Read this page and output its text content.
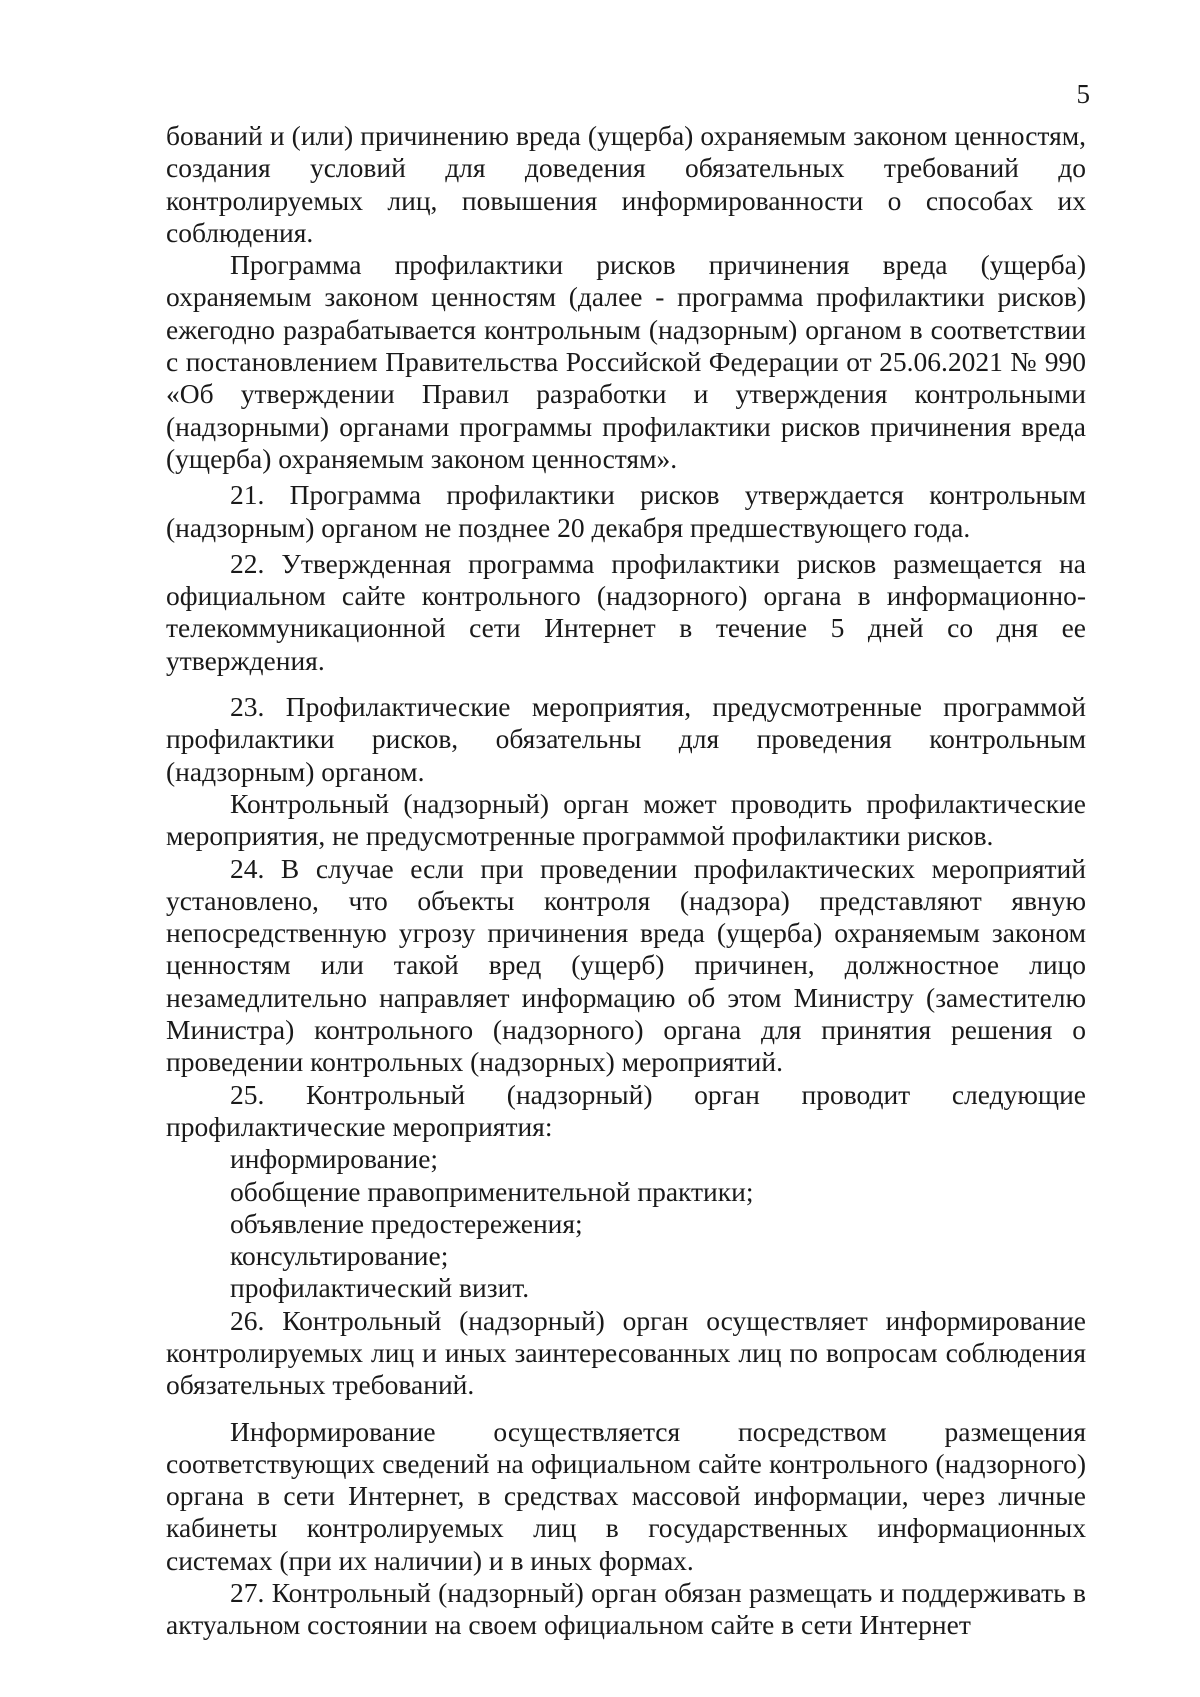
5

бований и (или) причинению вреда (ущерба) охраняемым законом ценностям, создания условий для доведения обязательных требований до контролируемых лиц, повышения информированности о способах их соблюдения.

Программа профилактики рисков причинения вреда (ущерба) охраняемым законом ценностям (далее - программа профилактики рисков) ежегодно разрабатывается контрольным (надзорным) органом в соответствии с постановлением Правительства Российской Федерации от 25.06.2021 № 990 «Об утверждении Правил разработки и утверждения контрольными (надзорными) органами программы профилактики рисков причинения вреда (ущерба) охраняемым законом ценностям».

21. Программа профилактики рисков утверждается контрольным (надзорным) органом не позднее 20 декабря предшествующего года.

22. Утвержденная программа профилактики рисков размещается на официальном сайте контрольного (надзорного) органа в информационно-телекоммуникационной сети Интернет в течение 5 дней со дня ее утверждения.

23. Профилактические мероприятия, предусмотренные программой профилактики рисков, обязательны для проведения контрольным (надзорным) органом.

Контрольный (надзорный) орган может проводить профилактические мероприятия, не предусмотренные программой профилактики рисков.

24. В случае если при проведении профилактических мероприятий установлено, что объекты контроля (надзора) представляют явную непосредственную угрозу причинения вреда (ущерба) охраняемым законом ценностям или такой вред (ущерб) причинен, должностное лицо незамедлительно направляет информацию об этом Министру (заместителю Министра) контрольного (надзорного) органа для принятия решения о проведении контрольных (надзорных) мероприятий.

25. Контрольный (надзорный) орган проводит следующие профилактические мероприятия:

информирование;
обобщение правоприменительной практики;
объявление предостережения;
консультирование;
профилактический визит.

26. Контрольный (надзорный) орган осуществляет информирование контролируемых лиц и иных заинтересованных лиц по вопросам соблюдения обязательных требований.

Информирование осуществляется посредством размещения соответствующих сведений на официальном сайте контрольного (надзорного) органа в сети Интернет, в средствах массовой информации, через личные кабинеты контролируемых лиц в государственных информационных системах (при их наличии) и в иных формах.

27. Контрольный (надзорный) орган обязан размещать и поддерживать в актуальном состоянии на своем официальном сайте в сети Интернет
